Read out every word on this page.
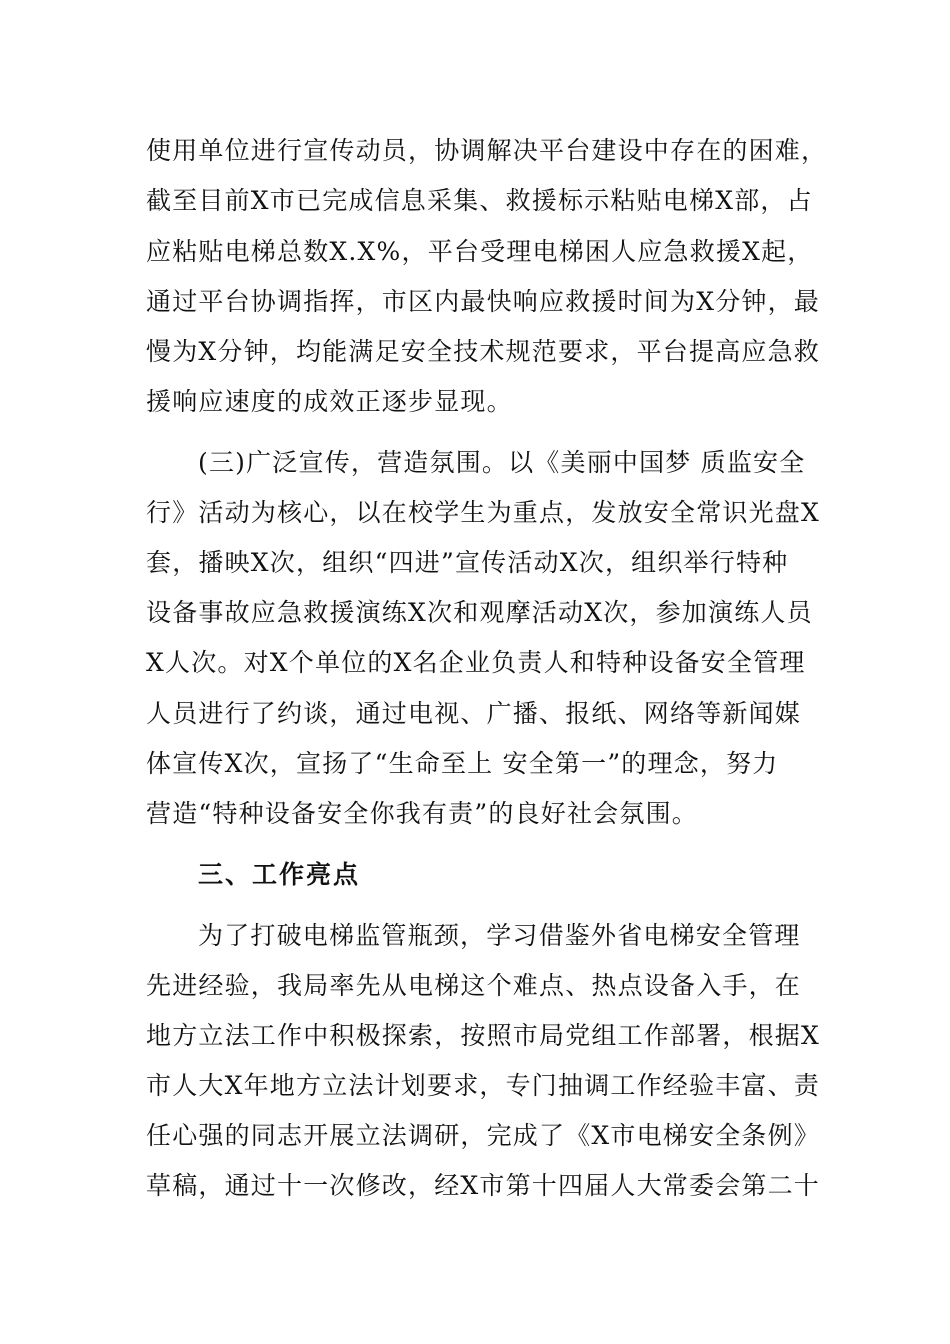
使用单位进行宣传动员，协调解决平台建设中存在的困难，
截至目前X市已完成信息采集、救援标示粘贴电梯X部，占
应粘贴电梯总数X.X%，平台受理电梯困人应急救援X起，
通过平台协调指挥，市区内最快响应救援时间为X分钟，最
慢为X分钟，均能满足安全技术规范要求，平台提高应急救
援响应速度的成效正逐步显现。
(三)广泛宣传，营造氛围。以《美丽中国梦 质监安全
行》活动为核心，以在校学生为重点，发放安全常识光盘X
套，播映X次，组织“四进”宣传活动X次，组织举行特种
设备事故应急救援演练X次和观摩活动X次，参加演练人员
X人次。对X个单位的X名企业负责人和特种设备安全管理
人员进行了约谈，通过电视、广播、报纸、网络等新闻媒
体宣传X次，宣扬了“生命至上 安全第一”的理念，努力
营造“特种设备安全你我有责”的良好社会氛围。
三、工作亮点
为了打破电梯监管瓶颈，学习借鉴外省电梯安全管理
先进经验，我局率先从电梯这个难点、热点设备入手，在
地方立法工作中积极探索，按照市局党组工作部署，根据X
市人大X年地方立法计划要求，专门抽调工作经验丰富、责
任心强的同志开展立法调研，完成了《X市电梯安全条例》
草稿，通过十一次修改，经X市第十四届人大常委会第二十
